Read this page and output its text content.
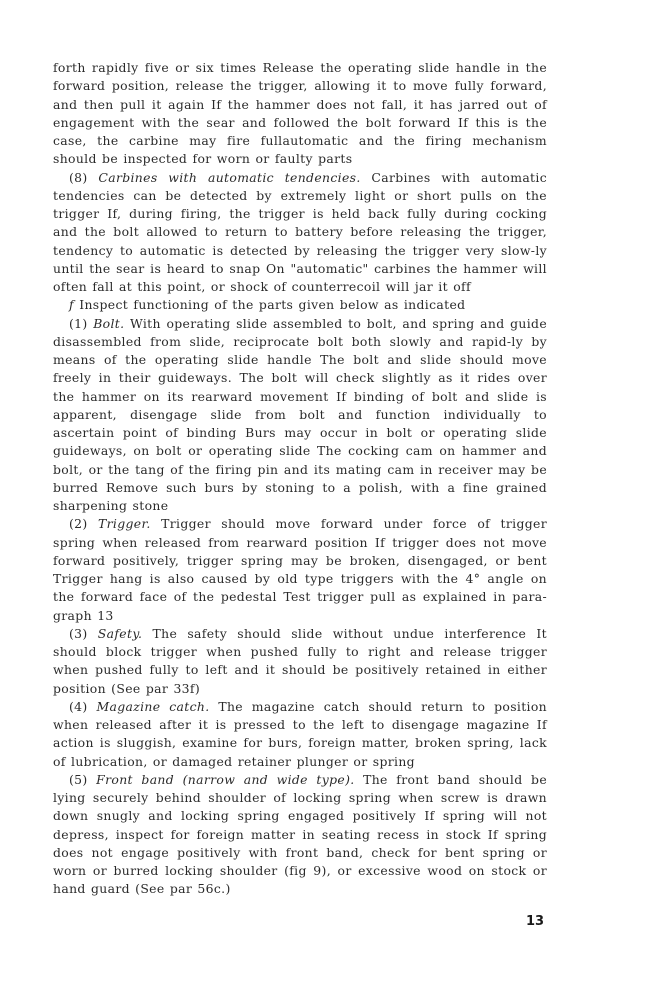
forth rapidly five or six times Release the operating slide handle in the forward position, release the trigger, allowing it to move fully forward, and then pull it again If the hammer does not fall, it has jarred out of engagement with the sear and followed the bolt forward If this is the case, the carbine may fire fullautomatic and the firing mechanism should be inspected for worn or faulty parts

(8) Carbines with automatic tendencies. Carbines with automatic tendencies can be detected by extremely light or short pulls on the trigger If, during firing, the trigger is held back fully during cocking and the bolt allowed to return to battery before releasing the trigger, tendency to automatic is detected by releasing the trigger very slow-ly until the sear is heard to snap On "automatic" carbines the hammer will often fall at this point, or shock of counterrecoil will jar it off

f Inspect functioning of the parts given below as indicated

(1) Bolt. With operating slide assembled to bolt, and spring and guide disassembled from slide, reciprocate bolt both slowly and rapid-ly by means of the operating slide handle The bolt and slide should move freely in their guideways. The bolt will check slightly as it rides over the hammer on its rearward movement If binding of bolt and slide is apparent, disengage slide from bolt and function individually to ascertain point of binding Burs may occur in bolt or operating slide guideways, on bolt or operating slide The cocking cam on hammer and bolt, or the tang of the firing pin and its mating cam in receiver may be burred Remove such burs by stoning to a polish, with a fine grained sharpening stone

(2) Trigger. Trigger should move forward under force of trigger spring when released from rearward position If trigger does not move forward positively, trigger spring may be broken, disengaged, or bent Trigger hang is also caused by old type triggers with the 4° angle on the forward face of the pedestal Test trigger pull as explained in para-graph 13

(3) Safety. The safety should slide without undue interference It should block trigger when pushed fully to right and release trigger when pushed fully to left and it should be positively retained in either position (See par 33f)

(4) Magazine catch. The magazine catch should return to position when released after it is pressed to the left to disengage magazine If action is sluggish, examine for burs, foreign matter, broken spring, lack of lubrication, or damaged retainer plunger or spring

(5) Front band (narrow and wide type). The front band should be lying securely behind shoulder of locking spring when screw is drawn down snugly and locking spring engaged positively If spring will not depress, inspect for foreign matter in seating recess in stock If spring does not engage positively with front band, check for bent spring or worn or burred locking shoulder (fig 9), or excessive wood on stock or hand guard (See par 56c.)

13
